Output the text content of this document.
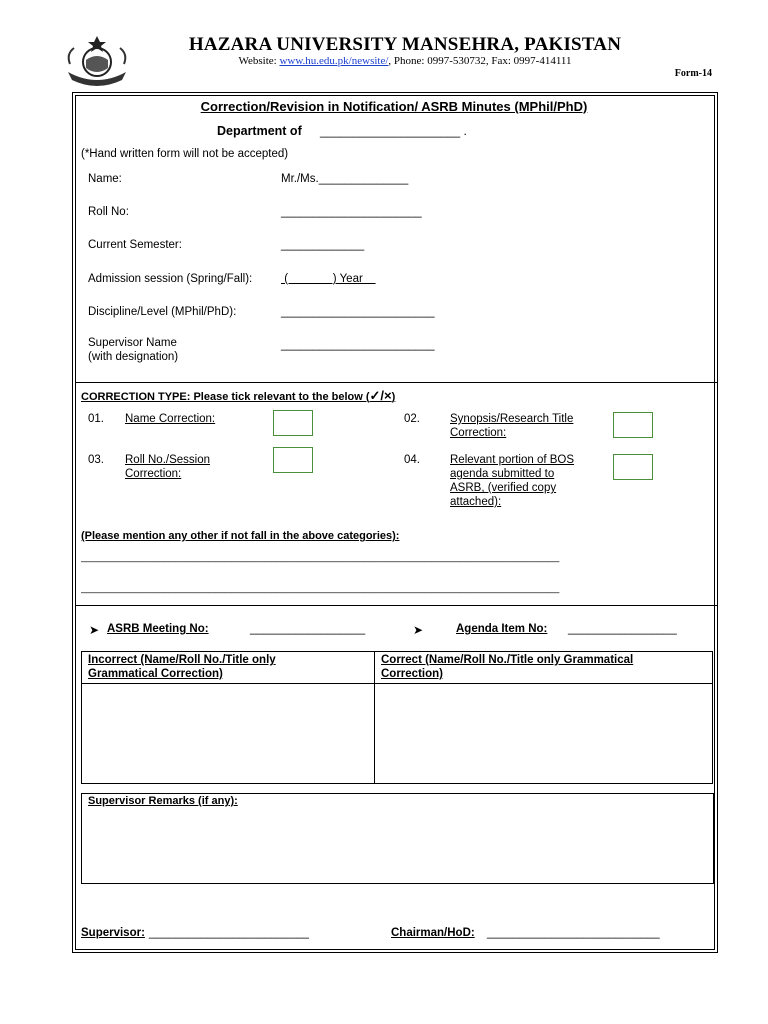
HAZARA UNIVERSITY MANSEHRA, PAKISTAN
Website: www.hu.edu.pk/newsite/, Phone: 0997-530732, Fax: 0997-414111
Form-14
Correction/Revision in Notification/ ASRB Minutes (MPhil/PhD)
Department of _____________________ .
(*Hand written form will not be accepted)
Name:	Mr./Ms.______________
Roll No:	______________________
Current Semester:	_____________
Admission session (Spring/Fall): (              ) Year
Discipline/Level (MPhil/PhD):	________________________
Supervisor Name
(with designation)
________________________
CORRECTION TYPE: Please tick relevant to the below (✓/×)
01. Name Correction:	02.	Synopsis/Research Title
Correction:
03. Roll No./Session
Correction:
04.	Relevant portion of BOS
agenda submitted to
ASRB, (verified copy
attached):
(Please mention any other if not fall in the above categories):
______________________________________________________________________________________
______________________________________________________________________________________
➤ ASRB Meeting No:	__________________	➤	Agenda Item No: _________________
Incorrect (Name/Roll No./Title only
Grammatical Correction)
Correct (Name/Roll No./Title only Grammatical
Correction)
Supervisor Remarks (if any):
Supervisor: _________________________	Chairman/HoD: ___________________________
